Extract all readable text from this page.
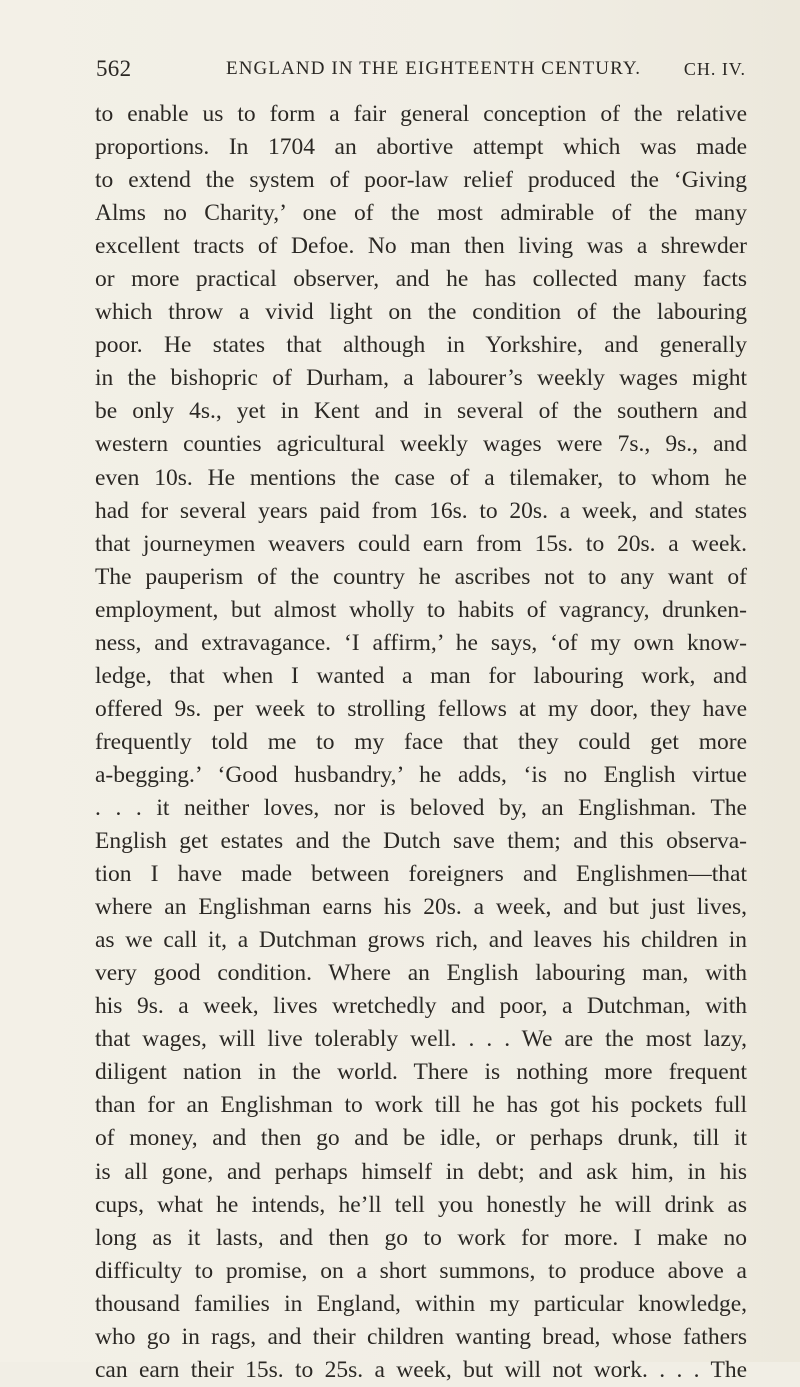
562	ENGLAND IN THE EIGHTEENTH CENTURY. CH. IV.
to enable us to form a fair general conception of the relative
proportions. In 1704 an abortive attempt which was made
to extend the system of poor-law relief produced the ‘Giving
Alms no Charity,’ one of the most admirable of the many
excellent tracts of Defoe. No man then living was a shrewder
or more practical observer, and he has collected many facts
which throw a vivid light on the condition of the labouring
poor. He states that although in Yorkshire, and generally
in the bishopric of Durham, a labourer’s weekly wages might
be only 4s., yet in Kent and in several of the southern and
western counties agricultural weekly wages were 7s., 9s., and
even 10s. He mentions the case of a tilemaker, to whom he
had for several years paid from 16s. to 20s. a week, and states
that journeymen weavers could earn from 15s. to 20s. a week.
The pauperism of the country he ascribes not to any want of
employment, but almost wholly to habits of vagrancy, drunken-
ness, and extravagance. ‘I affirm,’ he says, ‘of my own know-
ledge, that when I wanted a man for labouring work, and
offered 9s. per week to strolling fellows at my door, they have
frequently told me to my face that they could get more
a-begging.’ ‘Good husbandry,’ he adds, ‘is no English virtue
. . . it neither loves, nor is beloved by, an Englishman. The
English get estates and the Dutch save them; and this observa-
tion I have made between foreigners and Englishmen—that
where an Englishman earns his 20s. a week, and but just lives,
as we call it, a Dutchman grows rich, and leaves his children in
very good condition. Where an English labouring man, with
his 9s. a week, lives wretchedly and poor, a Dutchman, with
that wages, will live tolerably well. . . . We are the most lazy,
diligent nation in the world. There is nothing more frequent
than for an Englishman to work till he has got his pockets full
of money, and then go and be idle, or perhaps drunk, till it
is all gone, and perhaps himself in debt; and ask him, in his
cups, what he intends, he’ll tell you honestly he will drink as
long as it lasts, and then go to work for more. I make no
difficulty to promise, on a short summons, to produce above a
thousand families in England, within my particular knowledge,
who go in rags, and their children wanting bread, whose fathers
can earn their 15s. to 25s. a week, but will not work. . . . The
